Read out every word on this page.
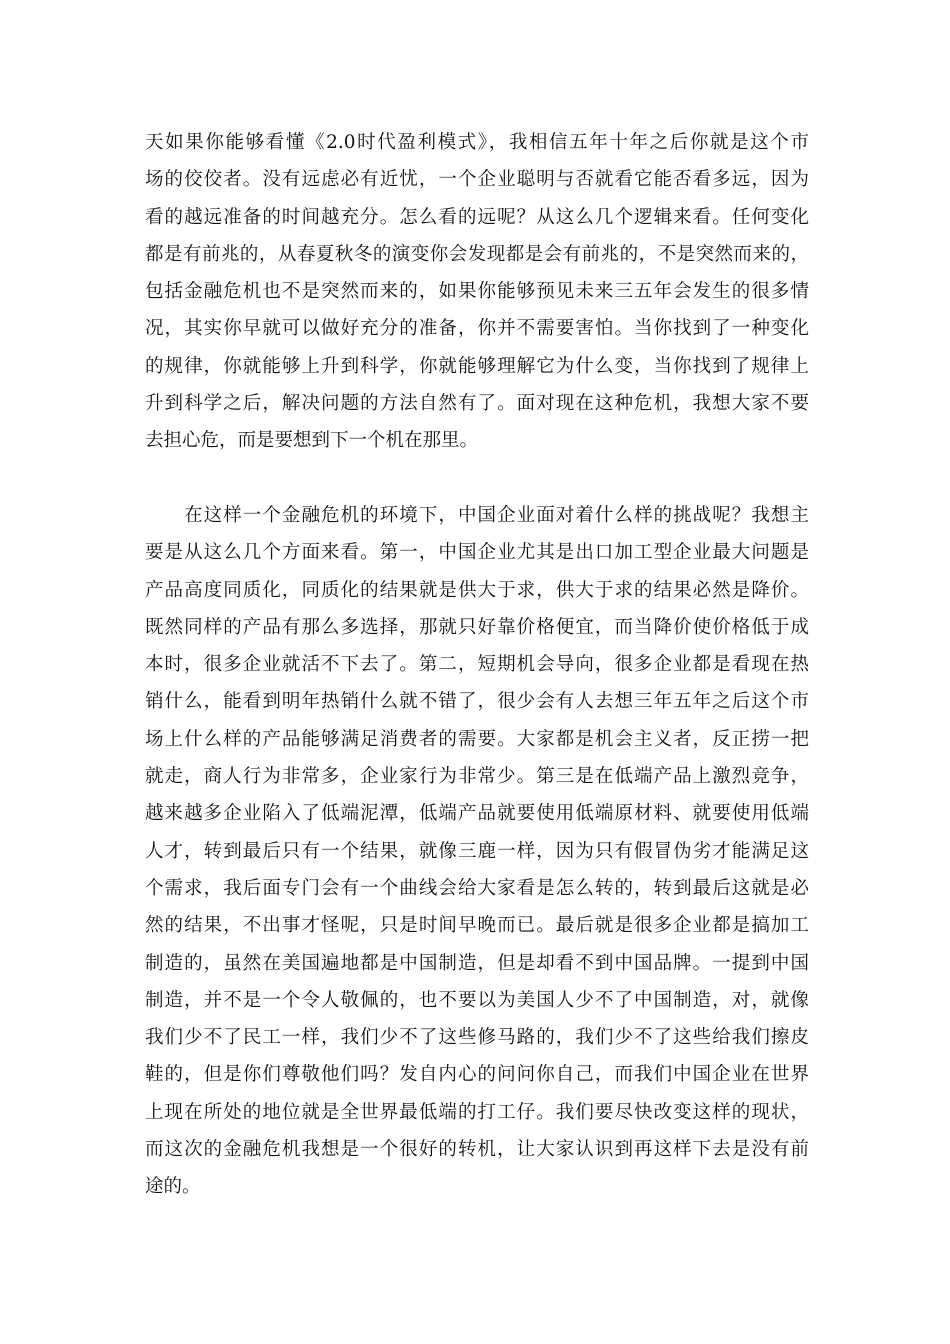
天如果你能够看懂《2.0时代盈利模式》，我相信五年十年之后你就是这个市
场的佼佼者。没有远虑必有近忧，一个企业聪明与否就看它能否看多远，因为
看的越远准备的时间越充分。怎么看的远呢？从这么几个逻辑来看。任何变化
都是有前兆的，从春夏秋冬的演变你会发现都是会有前兆的，不是突然而来的，
包括金融危机也不是突然而来的，如果你能够预见未来三五年会发生的很多情
况，其实你早就可以做好充分的准备，你并不需要害怕。当你找到了一种变化
的规律，你就能够上升到科学，你就能够理解它为什么变，当你找到了规律上
升到科学之后，解决问题的方法自然有了。面对现在这种危机，我想大家不要
去担心危，而是要想到下一个机在那里。
　　在这样一个金融危机的环境下，中国企业面对着什么样的挑战呢？我想主
要是从这么几个方面来看。第一，中国企业尤其是出口加工型企业最大问题是
产品高度同质化，同质化的结果就是供大于求，供大于求的结果必然是降价。
既然同样的产品有那么多选择，那就只好靠价格便宜，而当降价使价格低于成
本时，很多企业就活不下去了。第二，短期机会导向，很多企业都是看现在热
销什么，能看到明年热销什么就不错了，很少会有人去想三年五年之后这个市
场上什么样的产品能够满足消费者的需要。大家都是机会主义者，反正捞一把
就走，商人行为非常多，企业家行为非常少。第三是在低端产品上激烈竞争，
越来越多企业陷入了低端泥潭，低端产品就要使用低端原材料、就要使用低端
人才，转到最后只有一个结果，就像三鹿一样，因为只有假冒伪劣才能满足这
个需求，我后面专门会有一个曲线会给大家看是怎么转的，转到最后这就是必
然的结果，不出事才怪呢，只是时间早晚而已。最后就是很多企业都是搞加工
制造的，虽然在美国遍地都是中国制造，但是却看不到中国品牌。一提到中国
制造，并不是一个令人敬佩的，也不要以为美国人少不了中国制造，对，就像
我们少不了民工一样，我们少不了这些修马路的，我们少不了这些给我们擦皮
鞋的，但是你们尊敬他们吗？发自内心的问问你自己，而我们中国企业在世界
上现在所处的地位就是全世界最低端的打工仔。我们要尽快改变这样的现状，
而这次的金融危机我想是一个很好的转机，让大家认识到再这样下去是没有前
途的。
